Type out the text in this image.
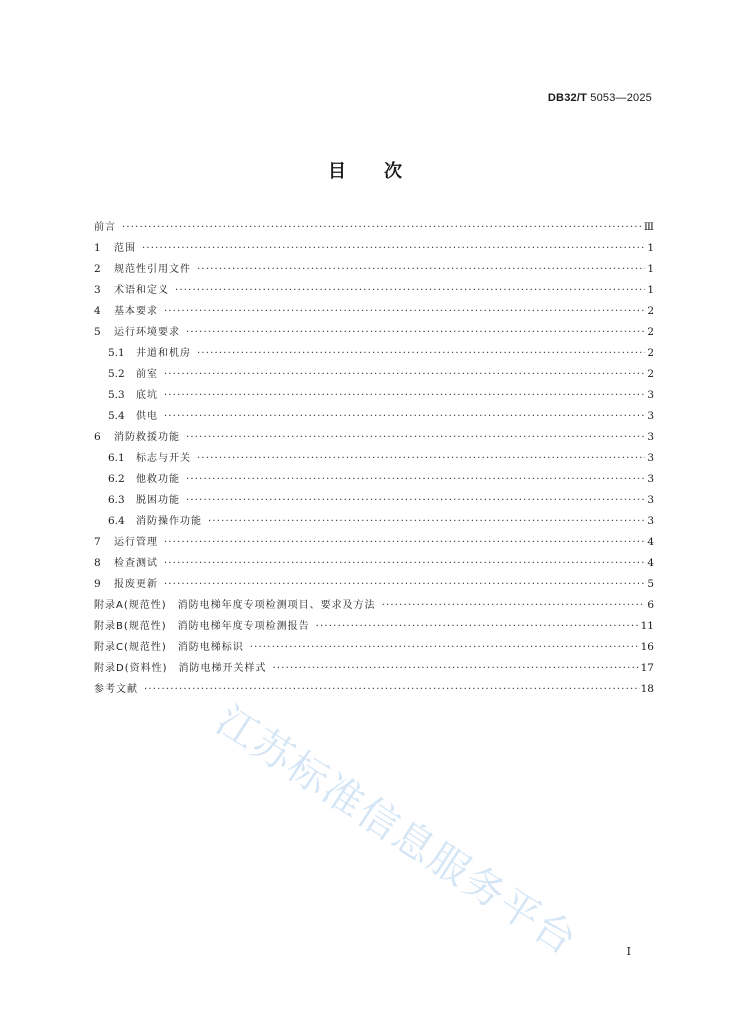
DB32/T 5053—2025
目次
前言 ·····	Ⅲ
1	范围 ·····	1
2	规范性引用文件 ·····	1
3	术语和定义 ·····	1
4	基本要求 ·····	2
5	运行环境要求 ·····	2
5.1	井道和机房 ·····	2
5.2	前室 ·····	2
5.3	底坑 ·····	3
5.4	供电 ·····	3
6	消防救援功能 ·····	3
6.1	标志与开关 ·····	3
6.2	他救功能 ·····	3
6.3	脱困功能 ·····	3
6.4	消防操作功能 ·····	3
7	运行管理 ·····	4
8	检查测试 ·····	4
9	报废更新 ·····	5
附录A(规范性)　消防电梯年度专项检测项目、要求及方法 ·····	6
附录B(规范性)　消防电梯年度专项检测报告 ·····	11
附录C(规范性)　消防电梯标识 ·····	16
附录D(资料性)　消防电梯开关样式 ·····	17
参考文献 ·····	18
I
江苏标准信息服务平台
